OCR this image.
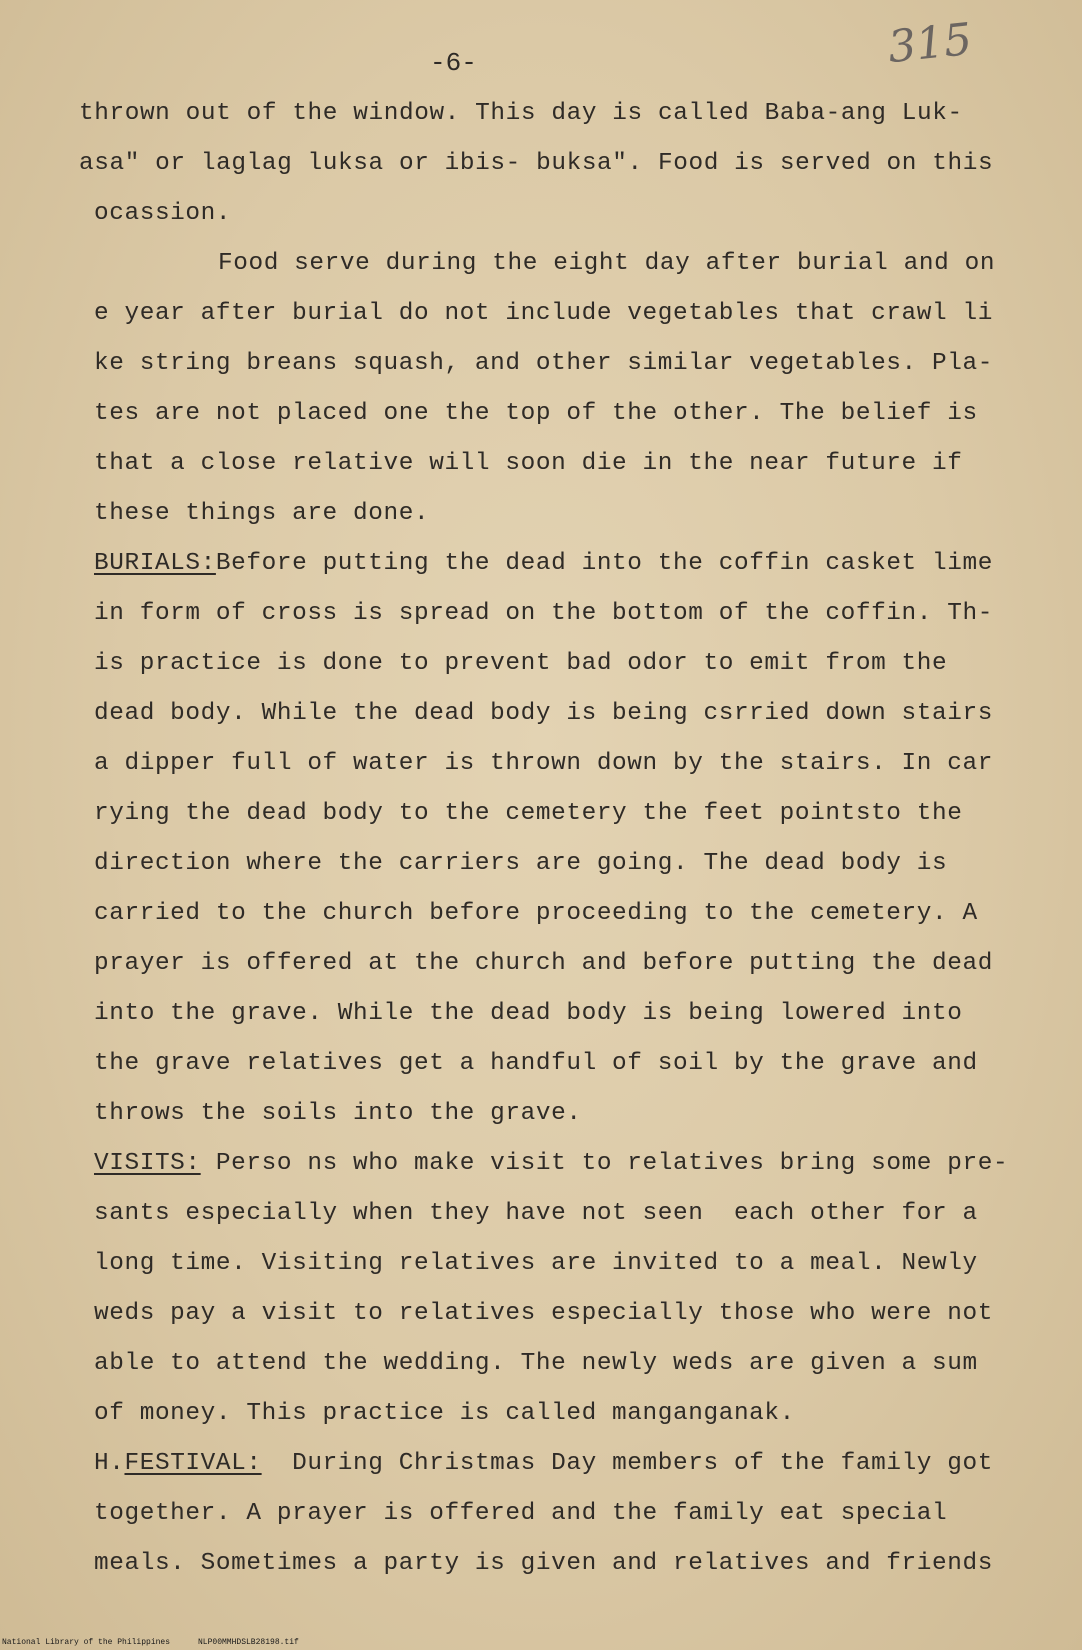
-6-	315
thrown out of the window. This day is called Baba-ang Luk-
asa" or laglag luksa or ibis- buksa". Food is served on this
ocassion.
Food serve during the eight day after burial and on
e year after burial do not include vegetables that crawl li
ke string breans squash, and other similar vegetables. Pla-
tes are not placed one the top of the other. The belief is
that a close relative will soon die in the near future if
these things are done.
BURIALS:Before putting the dead into the coffin casket lime
in form of cross is spread on the bottom of the coffin. Th-
is practice is done to prevent bad odor to emit from the
dead body. While the dead body is being csrried down stairs
a dipper full of water is thrown down by the stairs. In car
rying the dead body to the cemetery the feet pointsto the
direction where the carriers are going. The dead body is
carried to the church before proceeding to the cemetery. A
prayer is offered at the church and before putting the dead
into the grave. While the dead body is being lowered into
the grave relatives get a handful of soil by the grave and
throws the soils into the grave.
VISITS: Perso ns who make visit to relatives bring some pre-
sants especially when they have not seen  each other for a
long time. Visiting relatives are invited to a meal. Newly
weds pay a visit to relatives especially those who were not
able to attend the wedding. The newly weds are given a sum
of money. This practice is called manganganak.
H.FESTIVAL:  During Christmas Day members of the family got
together. A prayer is offered and the family eat special
meals. Sometimes a party is given and relatives and friends
National Library of the Philippines	NLP00MMHDSLB28198.tif
